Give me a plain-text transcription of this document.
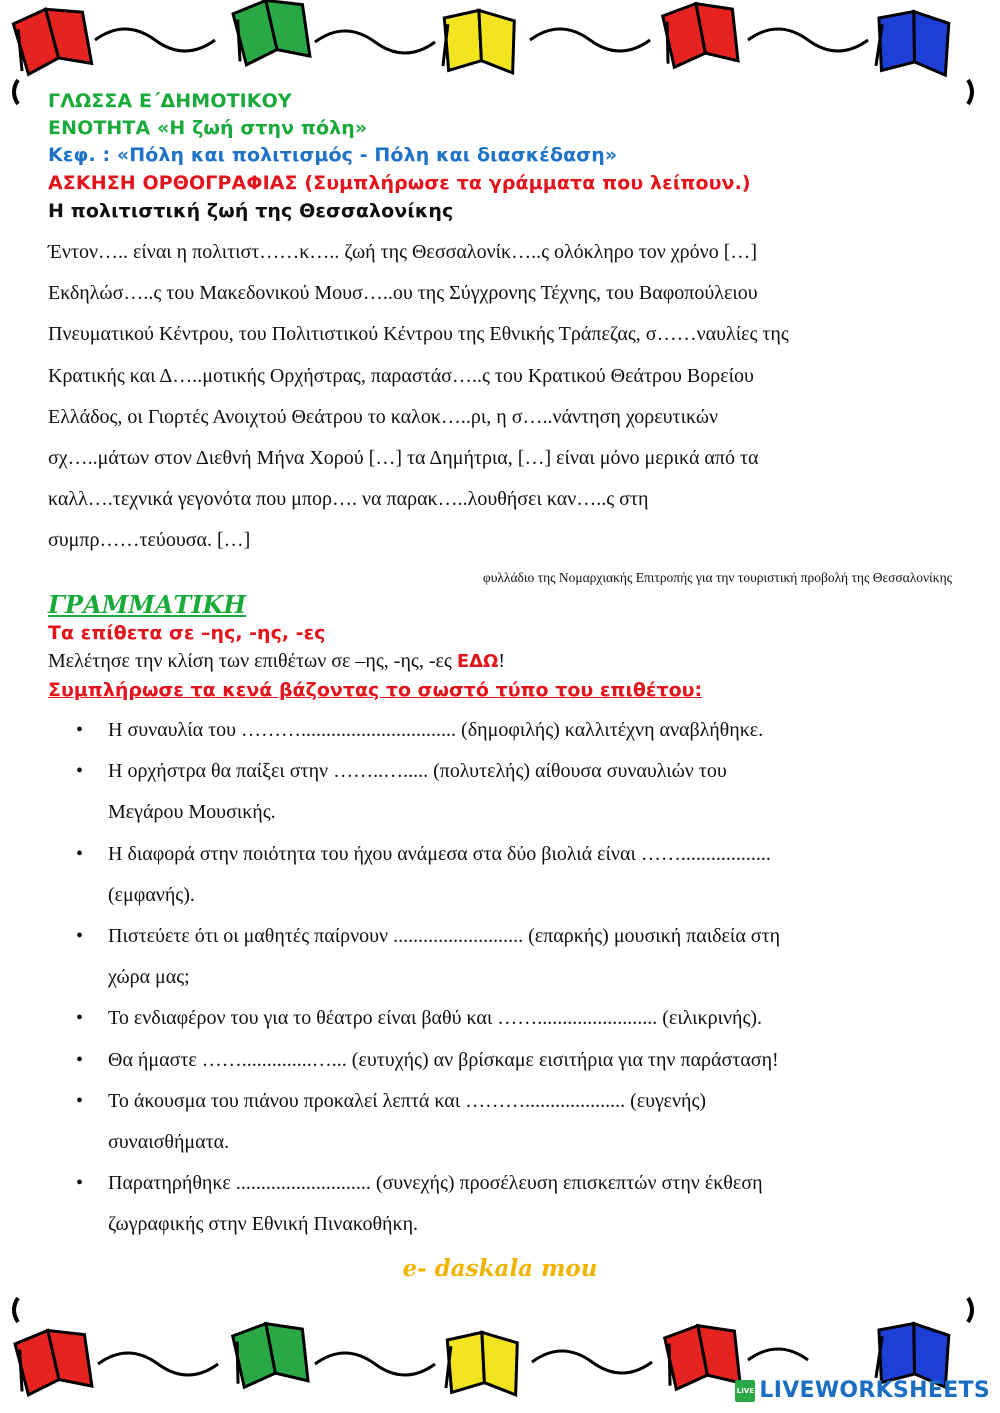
ΓΛΩΣΣΑ Ε΄ΔΗΜΟΤΙΚΟΥ
ΕΝΟΤΗΤΑ «Η ζωή στην πόλη»
Κεφ. : «Πόλη και πολιτισμός - Πόλη και διασκέδαση»
ΑΣΚΗΣΗ ΟΡΘΟΓΡΑΦΙΑΣ (Συμπλήρωσε τα γράμματα που λείπουν.)
Η πολιτιστική ζωή της Θεσσαλονίκης
Έντον….. είναι η πολιτιστ……κ….. ζωή της Θεσσαλονίκ…..ς ολόκληρο τον χρόνο […]
Εκδηλώσ…..ς του Μακεδονικού Μουσ…..ου της Σύγχρονης Τέχνης, του Βαφοπούλειου
Πνευματικού Κέντρου, του Πολιτιστικού Κέντρου της Εθνικής Τράπεζας, σ……ναυλίες της
Κρατικής και Δ…..μοτικής Ορχήστρας, παραστάσ…..ς του Κρατικού Θεάτρου Βορείου
Ελλάδος, οι Γιορτές Ανοιχτού Θεάτρου το καλοκ…..ρι, η σ…..νάντηση χορευτικών
σχ…..μάτων στον Διεθνή Μήνα Χορού […] τα Δημήτρια, […] είναι μόνο μερικά από τα
καλλ….τεχνικά γεγονότα που μπορ…. να παρακ…..λουθήσει καν…..ς στη
συμπρ……τεύουσα. […]
φυλλάδιο της Νομαρχιακής Επιτροπής για την τουριστική προβολή της Θεσσαλονίκης
ΓΡΑΜΜΑΤΙΚΗ
Τα επίθετα σε –ης, -ης, -ες
Μελέτησε την κλίση των επιθέτων σε –ης, -ης, -ες ΕΔΩ!
Συμπλήρωσε τα κενά βάζοντας το σωστό τύπο του επιθέτου:
• Η συναυλία του ………............................... (δημοφιλής) καλλιτέχνη αναβλήθηκε.
• Η ορχήστρα θα παίξει στην ……..…..... (πολυτελής) αίθουσα συναυλιών του
Μεγάρου Μουσικής.
• Η διαφορά στην ποιότητα του ήχου ανάμεσα στα δύο βιολιά είναι ……..................
(εμφανής).
• Πιστεύετε ότι οι μαθητές παίρνουν .......................... (επαρκής) μουσική παιδεία στη
χώρα μας;
• Το ενδιαφέρον του για το θέατρο είναι βαθύ και ……........................ (ειλικρινής).
• Θα ήμαστε ……..............…... (ευτυχής) αν βρίσκαμε εισιτήρια για την παράσταση!
• Το άκουσμα του πιάνου προκαλεί λεπτά και ……….................... (ευγενής)
συναισθήματα.
• Παρατηρήθηκε ........................... (συνεχής) προσέλευση επισκεπτών στην έκθεση
ζωγραφικής στην Εθνική Πινακοθήκη.
e- daskala mou
LIVE LIVEWORKSHEETS
